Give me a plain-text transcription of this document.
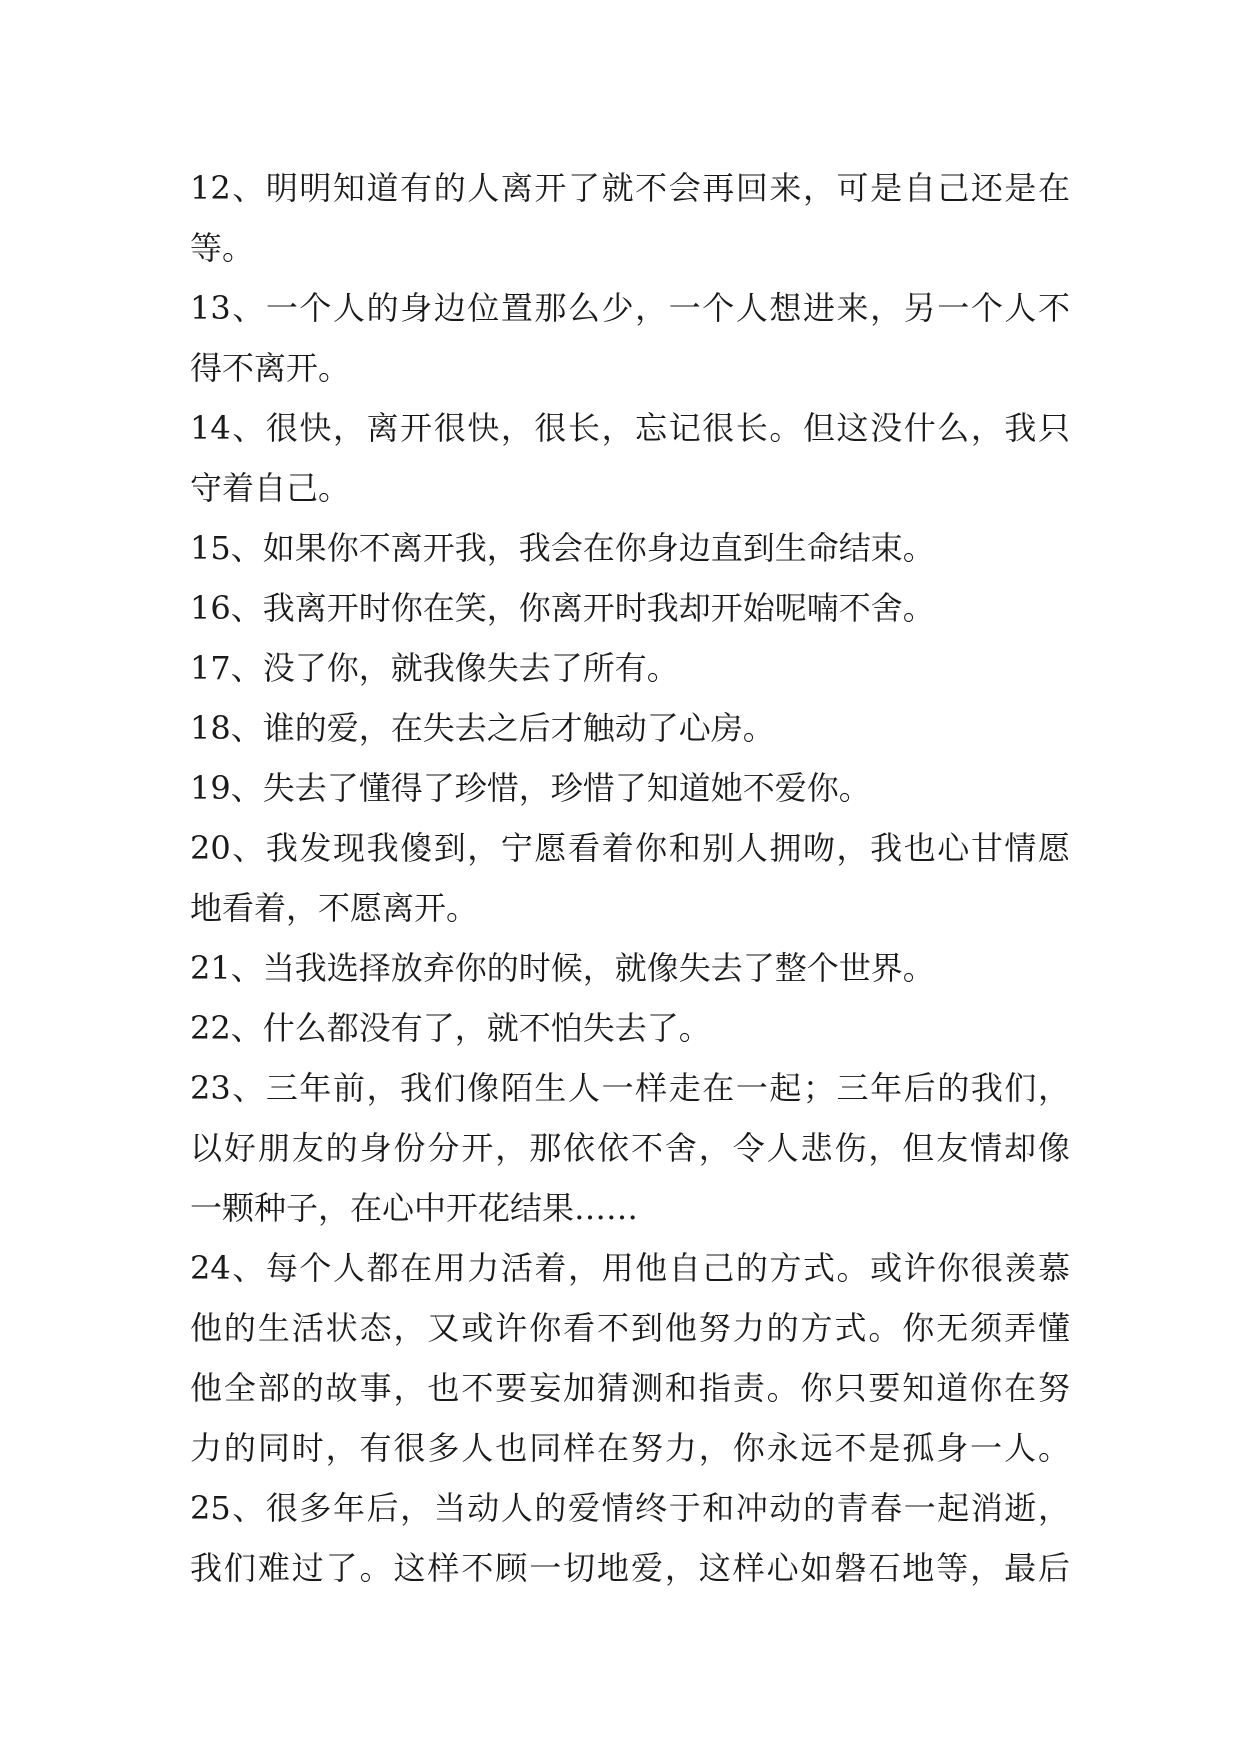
12、明明知道有的人离开了就不会再回来，可是自己还是在
等。
13、一个人的身边位置那么少，一个人想进来，另一个人不
得不离开。
14、很快，离开很快，很长，忘记很长。但这没什么，我只
守着自己。
15、如果你不离开我，我会在你身边直到生命结束。
16、我离开时你在笑，你离开时我却开始呢喃不舍。
17、没了你，就我像失去了所有。
18、谁的爱，在失去之后才触动了心房。
19、失去了懂得了珍惜，珍惜了知道她不爱你。
20、我发现我傻到，宁愿看着你和别人拥吻，我也心甘情愿
地看着，不愿离开。
21、当我选择放弃你的时候，就像失去了整个世界。
22、什么都没有了，就不怕失去了。
23、三年前，我们像陌生人一样走在一起；三年后的我们，
以好朋友的身份分开，那依依不舍，令人悲伤，但友情却像
一颗种子，在心中开花结果……
24、每个人都在用力活着，用他自己的方式。或许你很羡慕
他的生活状态，又或许你看不到他努力的方式。你无须弄懂
他全部的故事，也不要妄加猜测和指责。你只要知道你在努
力的同时，有很多人也同样在努力，你永远不是孤身一人。
25、很多年后，当动人的爱情终于和冲动的青春一起消逝，
我们难过了。这样不顾一切地爱，这样心如磐石地等，最后
